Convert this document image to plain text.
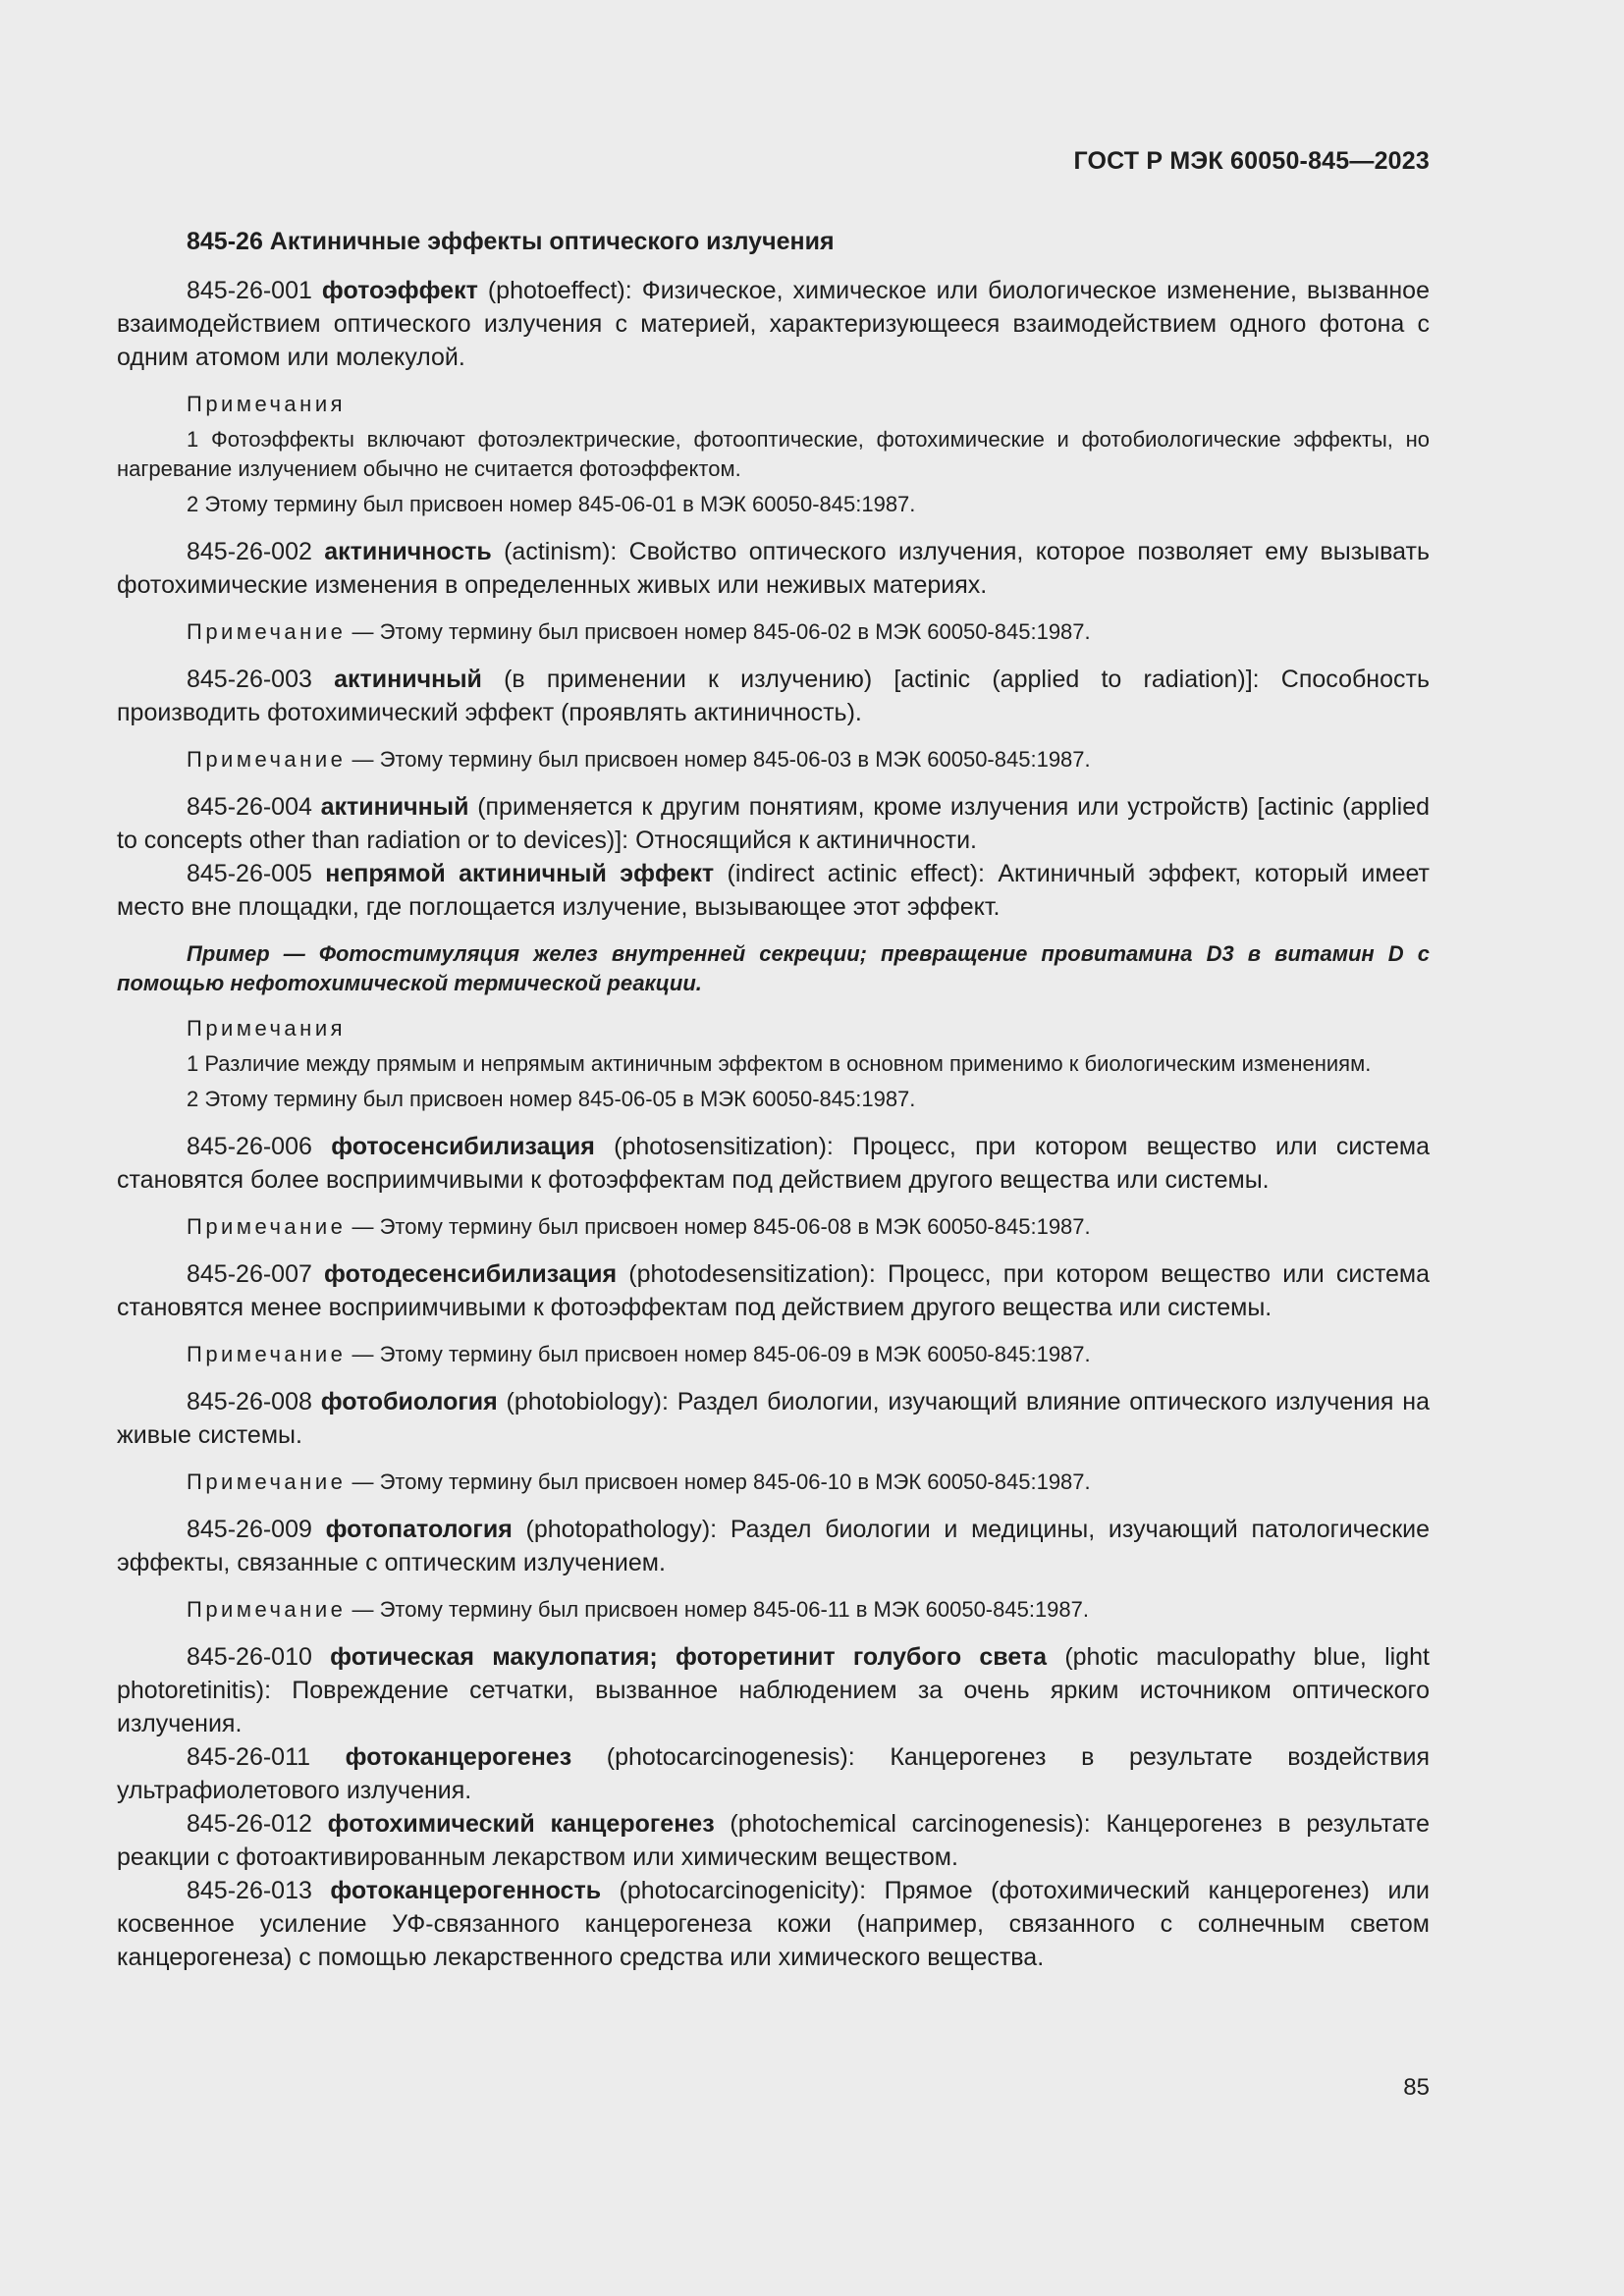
ГОСТ Р МЭК 60050-845—2023
845-26 Актиничные эффекты оптического излучения

845-26-001 фотоэффект (photoeffect): Физическое, химическое или биологическое изменение, вызванное взаимодействием оптического излучения с материей, характеризующееся взаимодействием одного фотона с одним атомом или молекулой.

Примечания

1 Фотоэффекты включают фотоэлектрические, фотооптические, фотохимические и фотобиологические эффекты, но нагревание излучением обычно не считается фотоэффектом.

2 Этому термину был присвоен номер 845-06-01 в МЭК 60050-845:1987.

845-26-002 актиничность (actinism): Свойство оптического излучения, которое позволяет ему вызывать фотохимические изменения в определенных живых или неживых материях.

Примечание — Этому термину был присвоен номер 845-06-02 в МЭК 60050-845:1987.

845-26-003 актиничный (в применении к излучению) [actinic (applied to radiation)]: Способность производить фотохимический эффект (проявлять актиничность).

Примечание — Этому термину был присвоен номер 845-06-03 в МЭК 60050-845:1987.

845-26-004 актиничный (применяется к другим понятиям, кроме излучения или устройств) [actinic (applied to concepts other than radiation or to devices)]: Относящийся к актиничности.

845-26-005 непрямой актиничный эффект (indirect actinic effect): Актиничный эффект, который имеет место вне площадки, где поглощается излучение, вызывающее этот эффект.

Пример — Фотостимуляция желез внутренней секреции; превращение провитамина D3 в витамин D с помощью нефотохимической термической реакции.

Примечания

1 Различие между прямым и непрямым актиничным эффектом в основном применимо к биологическим изменениям.

2 Этому термину был присвоен номер 845-06-05 в МЭК 60050-845:1987.

845-26-006 фотосенсибилизация (photosensitization): Процесс, при котором вещество или система становятся более восприимчивыми к фотоэффектам под действием другого вещества или системы.

Примечание — Этому термину был присвоен номер 845-06-08 в МЭК 60050-845:1987.

845-26-007 фотодесенсибилизация (photodesensitization): Процесс, при котором вещество или система становятся менее восприимчивыми к фотоэффектам под действием другого вещества или системы.

Примечание — Этому термину был присвоен номер 845-06-09 в МЭК 60050-845:1987.

845-26-008 фотобиология (photobiology): Раздел биологии, изучающий влияние оптического излучения на живые системы.

Примечание — Этому термину был присвоен номер 845-06-10 в МЭК 60050-845:1987.

845-26-009 фотопатология (photopathology): Раздел биологии и медицины, изучающий патологические эффекты, связанные с оптическим излучением.

Примечание — Этому термину был присвоен номер 845-06-11 в МЭК 60050-845:1987.

845-26-010 фотическая макулопатия; фоторетинит голубого света (photic maculopathy blue, light photoretinitis): Повреждение сетчатки, вызванное наблюдением за очень ярким источником оптического излучения.

845-26-011 фотоканцерогенез (photocarcinogenesis): Канцерогенез в результате воздействия ультрафиолетового излучения.

845-26-012 фотохимический канцерогенез (photochemical carcinogenesis): Канцерогенез в результате реакции с фотоактивированным лекарством или химическим веществом.

845-26-013 фотоканцерогенность (photocarcinogenicity): Прямое (фотохимический канцерогенез) или косвенное усиление УФ-связанного канцерогенеза кожи (например, связанного с солнечным светом канцерогенеза) с помощью лекарственного средства или химического вещества.

85
